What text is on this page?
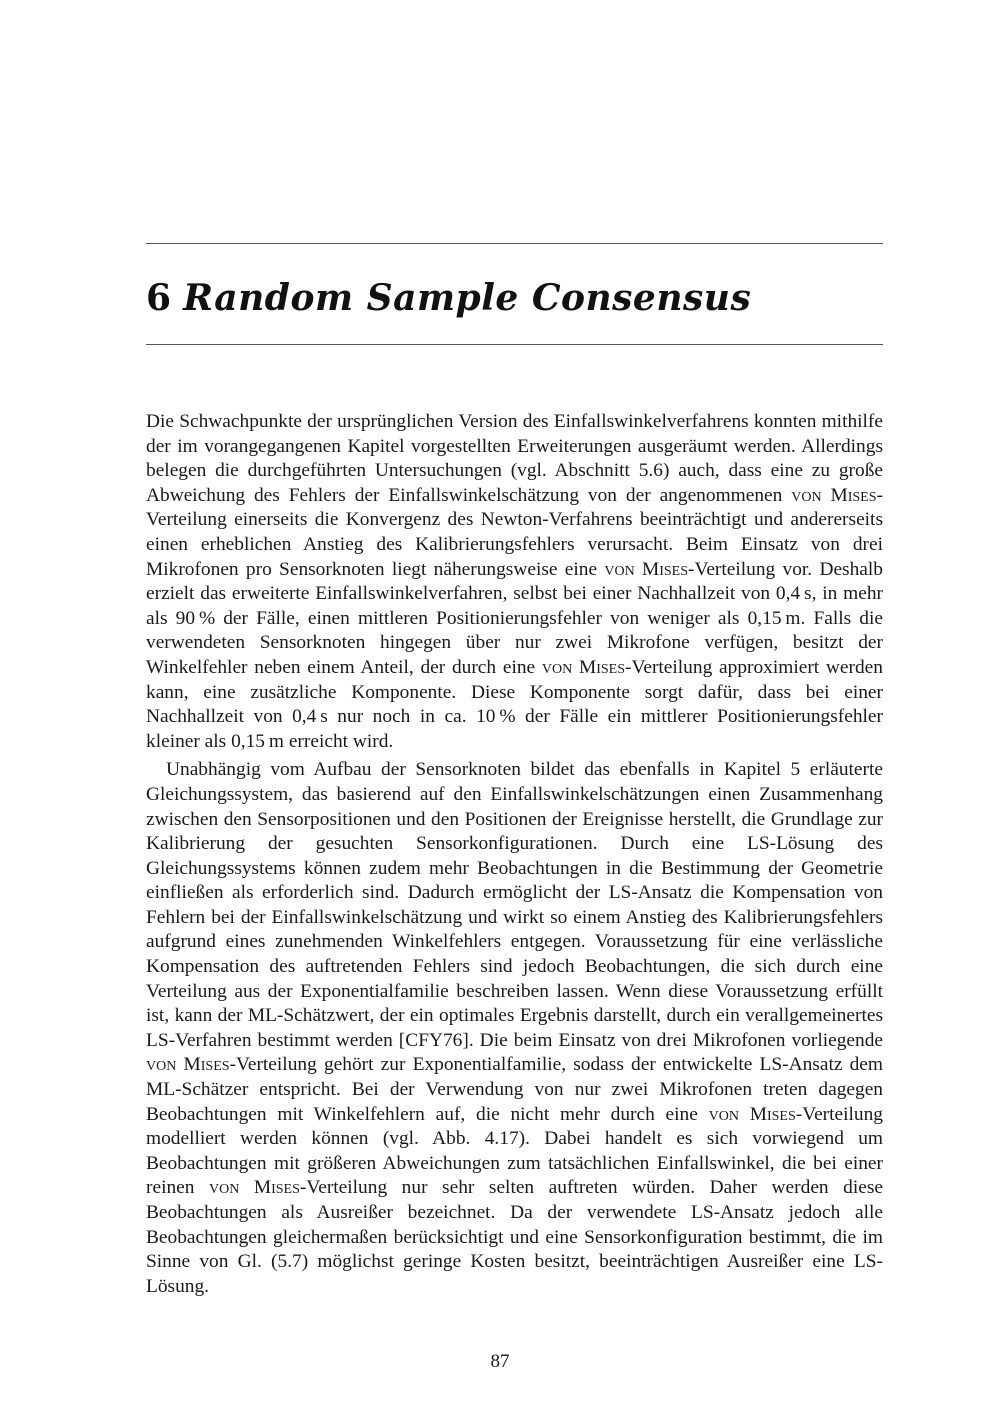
6 Random Sample Consensus

Die Schwachpunkte der ursprünglichen Version des Einfallswinkelverfahrens konnten mithilfe der im vorangegangenen Kapitel vorgestellten Erweiterungen ausgeräumt werden. Allerdings belegen die durchgeführten Untersuchungen (vgl. Abschnitt 5.6) auch, dass eine zu große Abweichung des Fehlers der Einfallswinkelschätzung von der angenommenen von Mises-Verteilung einerseits die Konvergenz des Newton-Verfahrens beeinträchtigt und andererseits einen erheblichen Anstieg des Kalibrierungsfehlers verursacht. Beim Einsatz von drei Mikrofonen pro Sensorknoten liegt näherungsweise eine von Mises-Verteilung vor. Deshalb erzielt das erweiterte Einfallswinkelverfahren, selbst bei einer Nachhallzeit von 0,4 s, in mehr als 90 % der Fälle, einen mittleren Positionierungsfehler von weniger als 0,15 m. Falls die verwendeten Sensorknoten hingegen über nur zwei Mikrofone verfügen, besitzt der Winkelfehler neben einem Anteil, der durch eine von Mises-Verteilung approximiert werden kann, eine zusätzliche Komponente. Diese Komponente sorgt dafür, dass bei einer Nachhallzeit von 0,4 s nur noch in ca. 10 % der Fälle ein mittlerer Positionierungsfehler kleiner als 0,15 m erreicht wird.

Unabhängig vom Aufbau der Sensorknoten bildet das ebenfalls in Kapitel 5 erläuterte Gleichungssystem, das basierend auf den Einfallswinkelschätzungen einen Zusammenhang zwischen den Sensorpositionen und den Positionen der Ereignisse herstellt, die Grundlage zur Kalibrierung der gesuchten Sensorkonfigurationen. Durch eine LS-Lösung des Gleichungssystems können zudem mehr Beobachtungen in die Bestimmung der Geometrie einfließen als erforderlich sind. Dadurch ermöglicht der LS-Ansatz die Kompensation von Fehlern bei der Einfallswinkelschätzung und wirkt so einem Anstieg des Kalibrierungsfehlers aufgrund eines zunehmenden Winkelfehlers entgegen. Voraussetzung für eine verlässliche Kompensation des auftretenden Fehlers sind jedoch Beobachtungen, die sich durch eine Verteilung aus der Exponentialfamilie beschreiben lassen. Wenn diese Voraussetzung erfüllt ist, kann der ML-Schätzwert, der ein optimales Ergebnis darstellt, durch ein verallgemeinertes LS-Verfahren bestimmt werden [CFY76]. Die beim Einsatz von drei Mikrofonen vorliegende von Mises-Verteilung gehört zur Exponentialfamilie, sodass der entwickelte LS-Ansatz dem ML-Schätzer entspricht. Bei der Verwendung von nur zwei Mikrofonen treten dagegen Beobachtungen mit Winkelfehlern auf, die nicht mehr durch eine von Mises-Verteilung modelliert werden können (vgl. Abb. 4.17). Dabei handelt es sich vorwiegend um Beobachtungen mit größeren Abweichungen zum tatsächlichen Einfallswinkel, die bei einer reinen von Mises-Verteilung nur sehr selten auftreten würden. Daher werden diese Beobachtungen als Ausreißer bezeichnet. Da der verwendete LS-Ansatz jedoch alle Beobachtungen gleichermaßen berücksichtigt und eine Sensorkonfiguration bestimmt, die im Sinne von Gl. (5.7) möglichst geringe Kosten besitzt, beeinträchtigen Ausreißer eine LS-Lösung.

87
